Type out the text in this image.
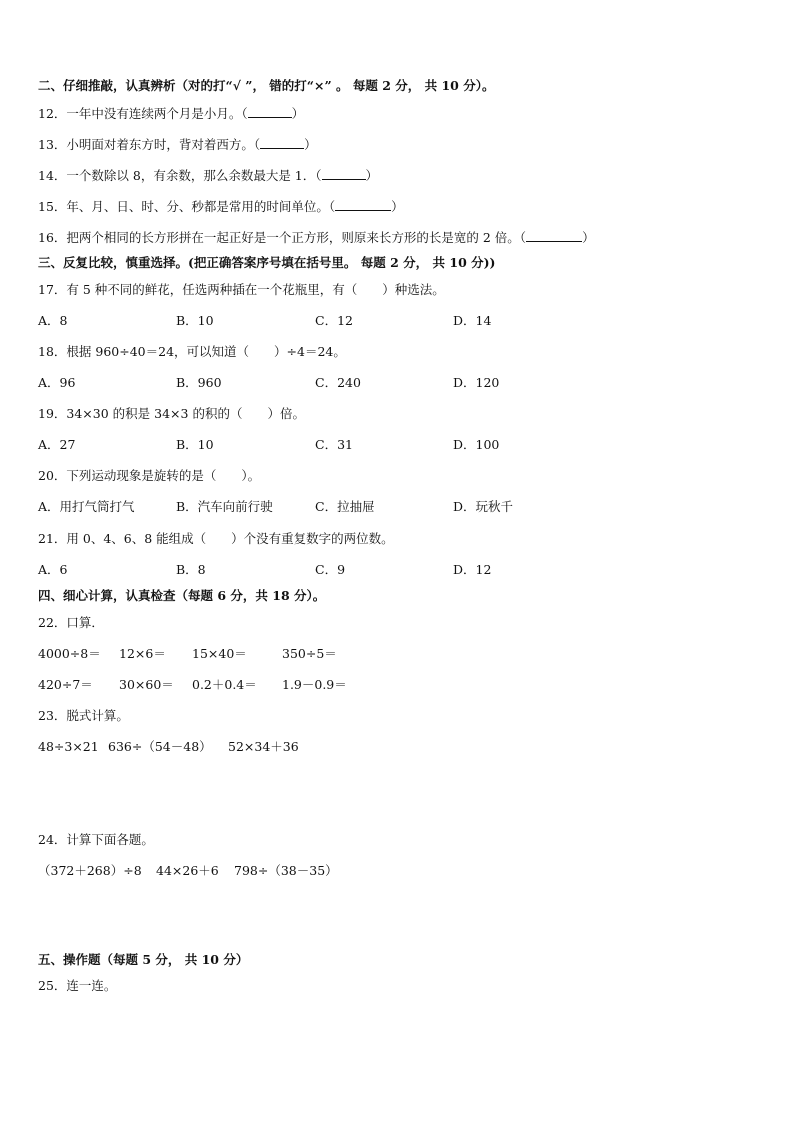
二、仔细推敲，认真辨析（对的打“√ ”， 错的打“×” 。 每题 2 分， 共 10 分）。
12．一年中没有连续两个月是小月。（	）
13．小明面对着东方时，背对着西方。（	）
14．一个数除以 8，有余数，那么余数最大是 1．（	）
15．年、月、日、时、分、秒都是常用的时间单位。（	）
16．把两个相同的长方形拼在一起正好是一个正方形，则原来长方形的长是宽的 2 倍。（	）
三、反复比较，慎重选择。(把正确答案序号填在括号里。 每题 2 分， 共 10 分))
17．有 5 种不同的鲜花，任选两种插在一个花瓶里，有（　　）种选法。
A．8	B．10	C．12	D．14
18．根据 960÷40＝24，可以知道（　　）÷4＝24。
A．96	B．960	C．240	D．120
19．34×30 的积是 34×3 的积的（　　）倍。
A．27	B．10	C．31	D．100
20．下列运动现象是旋转的是（　　）。
A．用打气筒打气	B．汽车向前行驶	C．拉抽屉	D．玩秋千
21．用 0、4、6、8 能组成（　　）个没有重复数字的两位数。
A．6	B．8	C．9	D．12
四、细心计算，认真检查（每题 6 分，共 18 分）。
22．口算．
4000÷8＝ 12×6＝ 15×40＝	350÷5＝
420÷7＝ 30×60＝ 0.2＋0.4＝ 1.9－0.9＝
23．脱式计算。
48÷3×21 636÷（54－48） 52×34＋36
24．计算下面各题。
（372＋268）÷8 44×26＋6 798÷（38－35）
五、操作题（每题 5 分， 共 10 分）
25．连一连。
